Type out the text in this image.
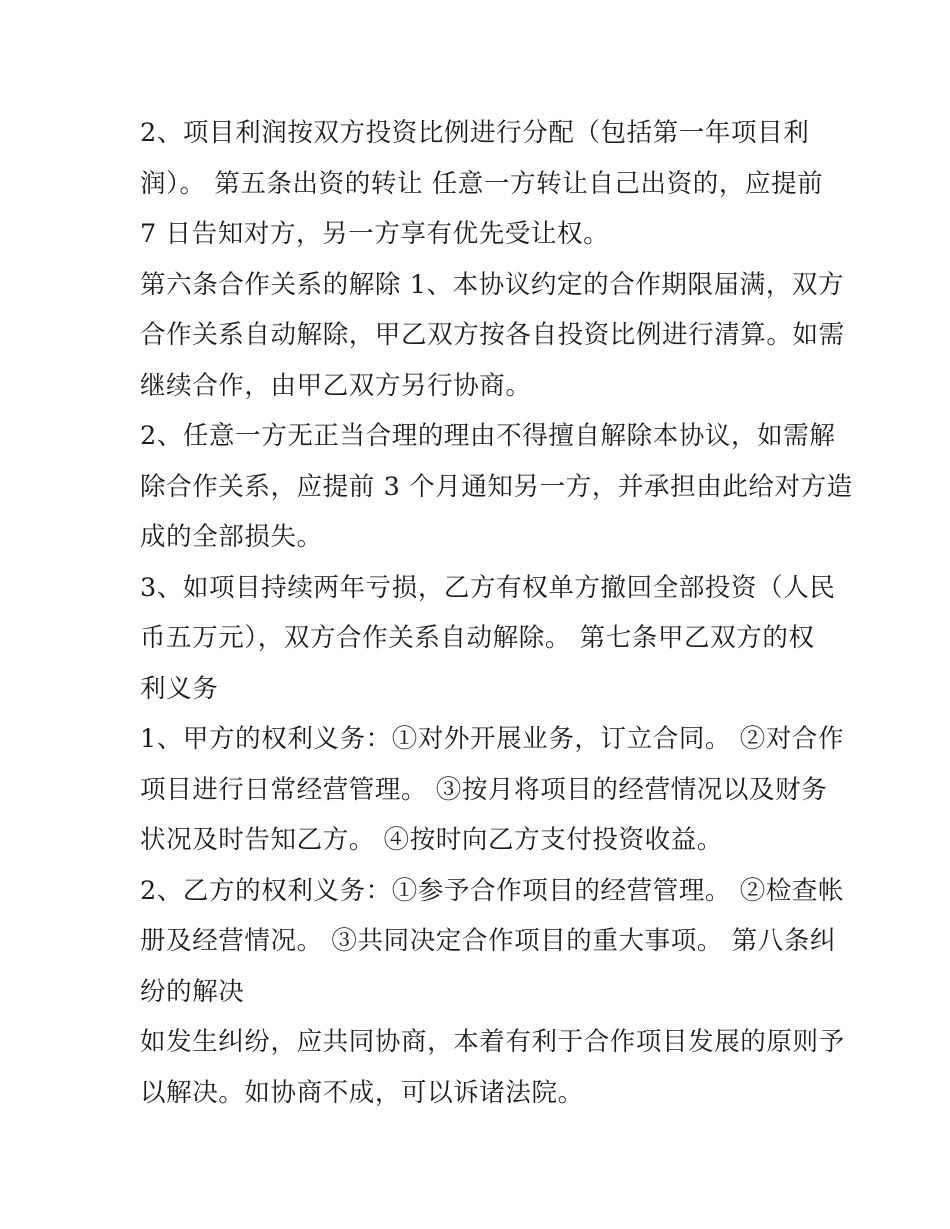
2、项目利润按双方投资比例进行分配（包括第一年项目利
润）。 第五条出资的转让 任意一方转让自己出资的，应提前
7 日告知对方，另一方享有优先受让权。
第六条合作关系的解除 1、本协议约定的合作期限届满，双方
合作关系自动解除，甲乙双方按各自投资比例进行清算。如需
继续合作，由甲乙双方另行协商。
2、任意一方无正当合理的理由不得擅自解除本协议，如需解
除合作关系，应提前 3 个月通知另一方，并承担由此给对方造
成的全部损失。
3、如项目持续两年亏损，乙方有权单方撤回全部投资（人民
币五万元），双方合作关系自动解除。 第七条甲乙双方的权
利义务
1、甲方的权利义务：①对外开展业务，订立合同。 ②对合作
项目进行日常经营管理。 ③按月将项目的经营情况以及财务
状况及时告知乙方。 ④按时向乙方支付投资收益。
2、乙方的权利义务：①参予合作项目的经营管理。 ②检查帐
册及经营情况。 ③共同决定合作项目的重大事项。 第八条纠
纷的解决
如发生纠纷，应共同协商，本着有利于合作项目发展的原则予
以解决。如协商不成，可以诉诸法院。
